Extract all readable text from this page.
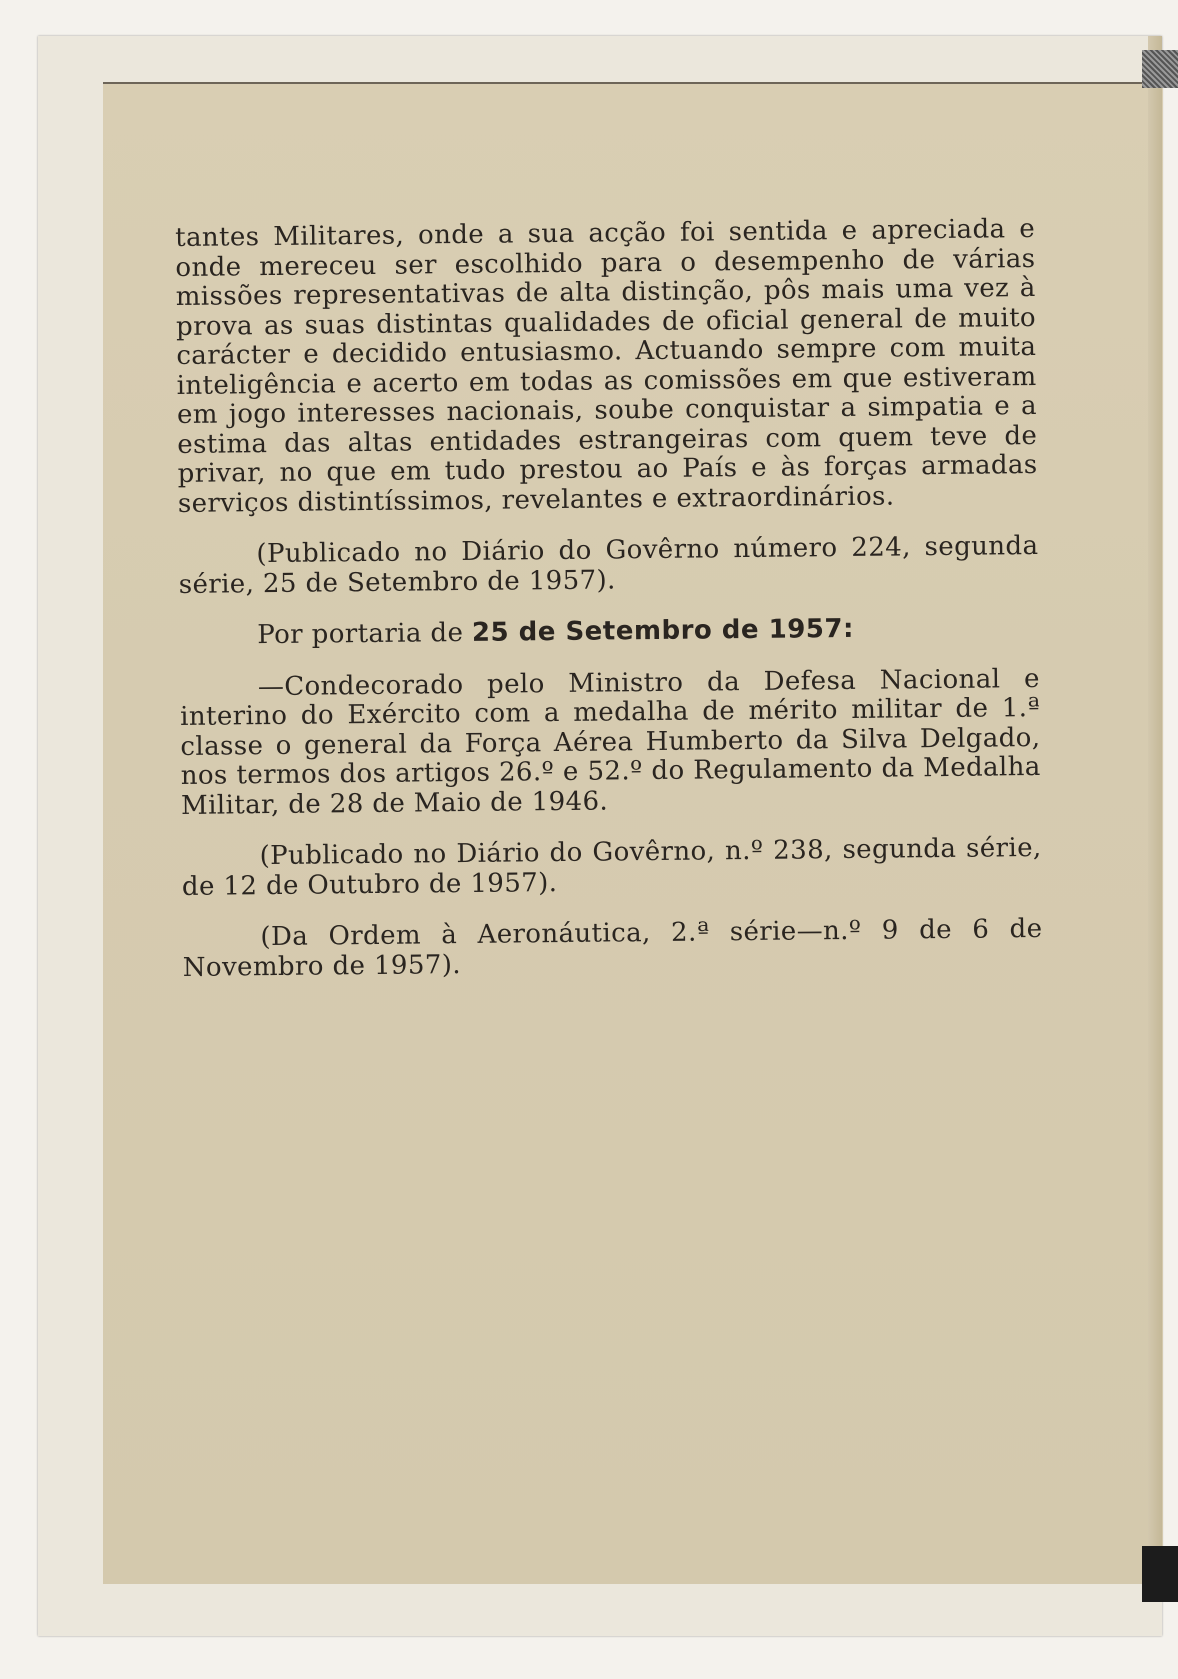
tantes Militares, onde a sua acção foi sentida e apreciada e onde mereceu ser escolhido para o desempenho de várias missões representativas de alta distinção, pôs mais uma vez à prova as suas distintas qualidades de oficial general de muito carácter e decidido entusiasmo. Actuando sempre com muita inteligência e acerto em todas as comissões em que estiveram em jogo interesses nacionais, soube conquistar a simpatia e a estima das altas entidades estrangeiras com quem teve de privar, no que em tudo prestou ao País e às forças armadas serviços distintíssimos, revelantes e extraordinários.

(Publicado no Diário do Govêrno número 224, segunda série, 25 de Setembro de 1957).

Por portaria de 25 de Setembro de 1957:

—Condecorado pelo Ministro da Defesa Nacional e interino do Exército com a medalha de mérito militar de 1.ª classe o general da Força Aérea Humberto da Silva Delgado, nos termos dos artigos 26.º e 52.º do Regulamento da Medalha Militar, de 28 de Maio de 1946.

(Publicado no Diário do Govêrno, n.º 238, segunda série, de 12 de Outubro de 1957).

(Da Ordem à Aeronáutica, 2.ª série—n.º 9 de 6 de Novembro de 1957).
